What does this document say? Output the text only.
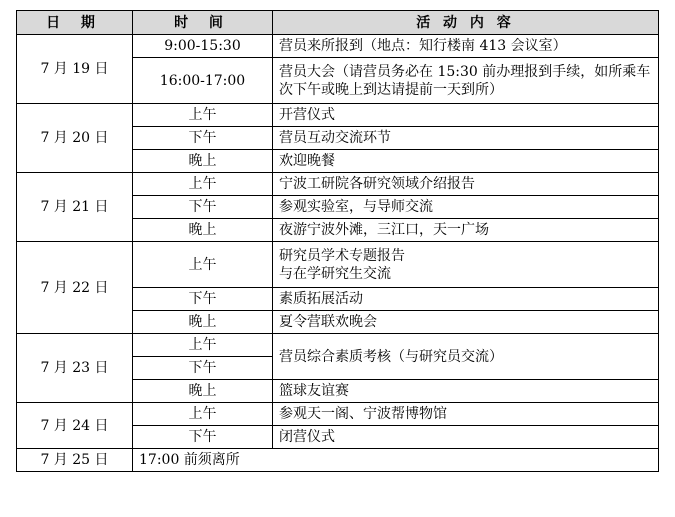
日 期	时 间	活 动 内 容
7 月 19 日	9:00-15:30	营员来所报到（地点：知行楼南 413 会议室）
	16:00-17:00	营员大会（请营员务必在 15:30 前办理报到手续，如所乘车次下午或晚上到达请提前一天到所）
7 月 20 日	上午	开营仪式
	下午	营员互动交流环节
	晚上	欢迎晚餐
7 月 21 日	上午	宁波工研院各研究领域介绍报告
	下午	参观实验室，与导师交流
	晚上	夜游宁波外滩，三江口，天一广场
7 月 22 日	上午	研究员学术专题报告
与在学研究生交流

	下午	素质拓展活动
	晚上	夏令营联欢晚会
7 月 23 日	上午	营员综合素质考核（与研究员交流）
	下午	
	晚上	篮球友谊赛
7 月 24 日	上午	参观天一阁、宁波帮博物馆
	下午	闭营仪式
7 月 25 日	17:00 前须离所	
